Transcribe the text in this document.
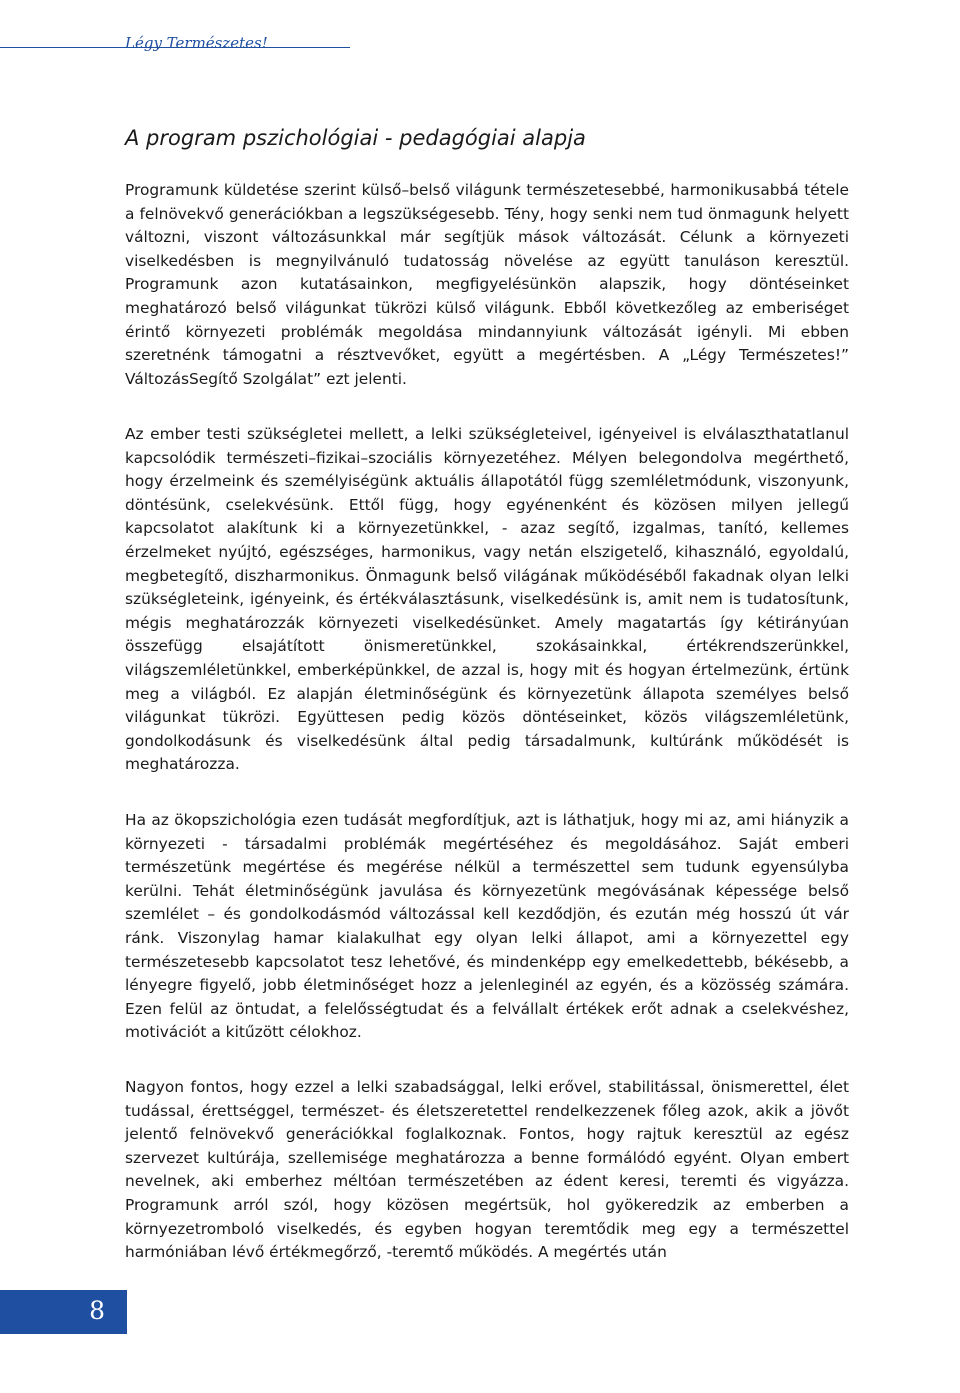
Légy Természetes!
A program pszichológiai - pedagógiai alapja

Programunk küldetése szerint külső–belső világunk természetesebbé, harmonikusabbá tétele a felnövekvő generációkban a legszükségesebb. Tény, hogy senki nem tud önmagunk helyett változni, viszont változásunkkal már segítjük mások változását. Célunk a környezeti viselkedésben is megnyilvánuló tudatosság növelése az együtt tanuláson keresztül. Programunk azon kutatásainkon, megfigyelésünkön alapszik, hogy döntéseinket meghatározó belső világunkat tükrözi külső világunk. Ebből következőleg az emberiséget érintő környezeti problémák megoldása mindannyiunk változását igényli. Mi ebben szeretnénk támogatni a résztvevőket, együtt a megértésben. A „Légy Természetes!” VáltozásSegítő Szolgálat” ezt jelenti.

Az ember testi szükségletei mellett, a lelki szükségleteivel, igényeivel is elválaszthatatlanul kapcsolódik természeti–fizikai–szociális környezetéhez. Mélyen belegondolva megérthető, hogy érzelmeink és személyiségünk aktuális állapotától függ szemléletmódunk, viszonyunk, döntésünk, cselekvésünk. Ettől függ, hogy egyénenként és közösen milyen jellegű kapcsolatot alakítunk ki a környezetünkkel, - azaz segítő, izgalmas, tanító, kellemes érzelmeket nyújtó, egészséges, harmonikus, vagy netán elszigetelő, kihasználó, egyoldalú, megbetegítő, diszharmonikus. Önmagunk belső világának működéséből fakadnak olyan lelki szükségleteink, igényeink, és értékválasztásunk, viselkedésünk is, amit nem is tudatosítunk, mégis meghatározzák környezeti viselkedésünket. Amely magatartás így kétirányúan összefügg elsajátított önismeretünkkel, szokásainkkal, értékrendszerünkkel, világszemléletünkkel, emberképünkkel, de azzal is, hogy mit és hogyan értelmezünk, értünk meg a világból. Ez alapján életminőségünk és környezetünk állapota személyes belső világunkat tükrözi. Együttesen pedig közös döntéseinket, közös világszemléletünk, gondolkodásunk és viselkedésünk által pedig társadalmunk, kultúránk működését is meghatározza.

Ha az ökopszichológia ezen tudását megfordítjuk, azt is láthatjuk, hogy mi az, ami hiányzik a környezeti - társadalmi problémák megértéséhez és megoldásához. Saját emberi természetünk megértése és megérése nélkül a természettel sem tudunk egyensúlyba kerülni. Tehát életminőségünk javulása és környezetünk megóvásának képessége belső szemlélet – és gondolkodásmód változással kell kezdődjön, és ezután még hosszú út vár ránk. Viszonylag hamar kialakulhat egy olyan lelki állapot, ami a környezettel egy természetesebb kapcsolatot tesz lehetővé, és mindenképp egy emelkedettebb, békésebb, a lényegre figyelő, jobb életminőséget hozz a jelenleginél az egyén, és a közösség számára. Ezen felül az öntudat, a felelősségtudat és a felvállalt értékek erőt adnak a cselekvéshez, motivációt a kitűzött célokhoz.

Nagyon fontos, hogy ezzel a lelki szabadsággal, lelki erővel, stabilitással, önismerettel, élet tudással, érettséggel, természet- és életszeretettel rendelkezzenek főleg azok, akik a jövőt jelentő felnövekvő generációkkal foglalkoznak. Fontos, hogy rajtuk keresztül az egész szervezet kultúrája, szellemisége meghatározza a benne formálódó egyént. Olyan embert nevelnek, aki emberhez méltóan természetében az édent keresi, teremti és vigyázza. Programunk arról szól, hogy közösen megértsük, hol gyökeredzik az emberben a környezetromboló viselkedés, és egyben hogyan teremtődik meg egy a természettel harmóniában lévő értékmegőrző, -teremtő működés. A megértés után

8
